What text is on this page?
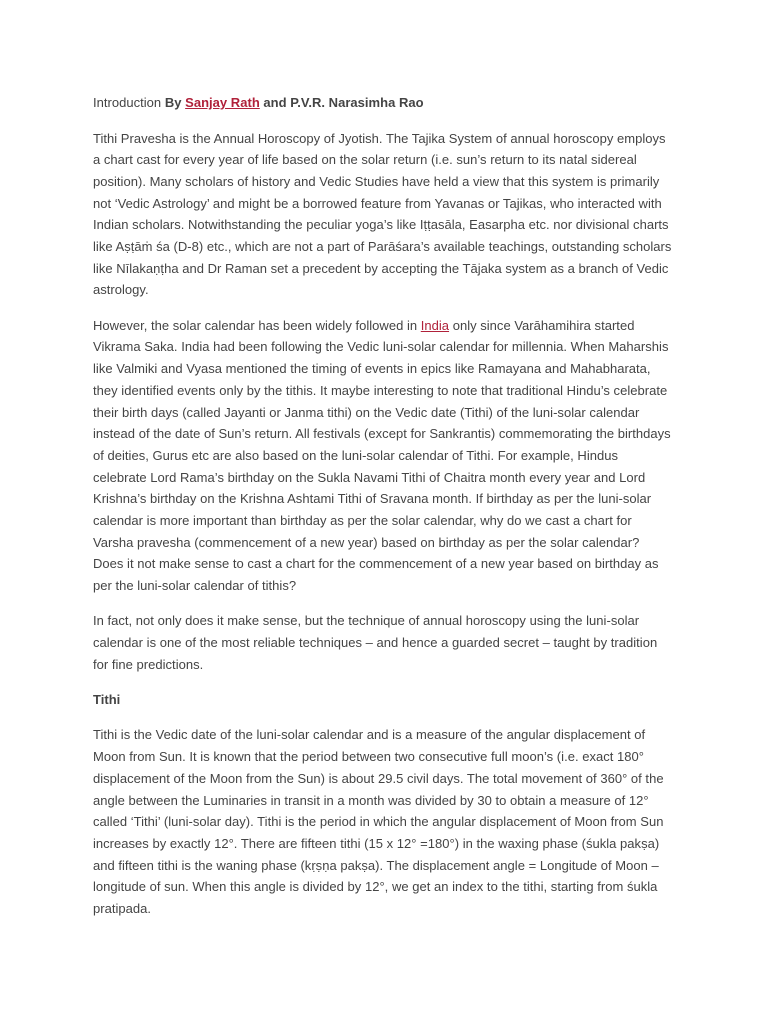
Introduction By Sanjay Rath and P.V.R. Narasimha Rao

Tithi Pravesha is the Annual Horoscopy of Jyotish. The Tajika System of annual horoscopy employs a chart cast for every year of life based on the solar return (i.e. sun’s return to its natal sidereal position). Many scholars of history and Vedic Studies have held a view that this system is primarily not ‘Vedic Astrology’ and might be a borrowed feature from Yavanas or Tajikas, who interacted with Indian scholars. Notwithstanding the peculiar yoga’s like Iṭṭasāla, Easarpha etc. nor divisional charts like Aṣṭāṁ śa (D-8) etc., which are not a part of Parāśara’s available teachings, outstanding scholars like Nīlakaṇṭha and Dr Raman set a precedent by accepting the Tājaka system as a branch of Vedic astrology.

However, the solar calendar has been widely followed in India only since Varāhamihira started Vikrama Saka. India had been following the Vedic luni-solar calendar for millennia. When Maharshis like Valmiki and Vyasa mentioned the timing of events in epics like Ramayana and Mahabharata, they identified events only by the tithis. It maybe interesting to note that traditional Hindu’s celebrate their birth days (called Jayanti or Janma tithi) on the Vedic date (Tithi) of the luni-solar calendar instead of the date of Sun’s return. All festivals (except for Sankrantis) commemorating the birthdays of deities, Gurus etc are also based on the luni-solar calendar of Tithi. For example, Hindus celebrate Lord Rama’s birthday on the Sukla Navami Tithi of Chaitra month every year and Lord Krishna’s birthday on the Krishna Ashtami Tithi of Sravana month. If birthday as per the luni-solar calendar is more important than birthday as per the solar calendar, why do we cast a chart for Varsha pravesha (commencement of a new year) based on birthday as per the solar calendar? Does it not make sense to cast a chart for the commencement of a new year based on birthday as per the luni-solar calendar of tithis?

In fact, not only does it make sense, but the technique of annual horoscopy using the luni-solar calendar is one of the most reliable techniques – and hence a guarded secret – taught by tradition for fine predictions.

Tithi

Tithi is the Vedic date of the luni-solar calendar and is a measure of the angular displacement of Moon from Sun. It is known that the period between two consecutive full moon’s (i.e. exact 180° displacement of the Moon from the Sun) is about 29.5 civil days. The total movement of 360° of the angle between the Luminaries in transit in a month was divided by 30 to obtain a measure of 12° called ‘Tithi’ (luni-solar day). Tithi is the period in which the angular displacement of Moon from Sun increases by exactly 12°. There are fifteen tithi (15 x 12° =180°) in the waxing phase (śukla pakṣa) and fifteen tithi is the waning phase (kṛṣṇa pakṣa). The displacement angle = Longitude of Moon – longitude of sun. When this angle is divided by 12°, we get an index to the tithi, starting from śukla pratipada.
